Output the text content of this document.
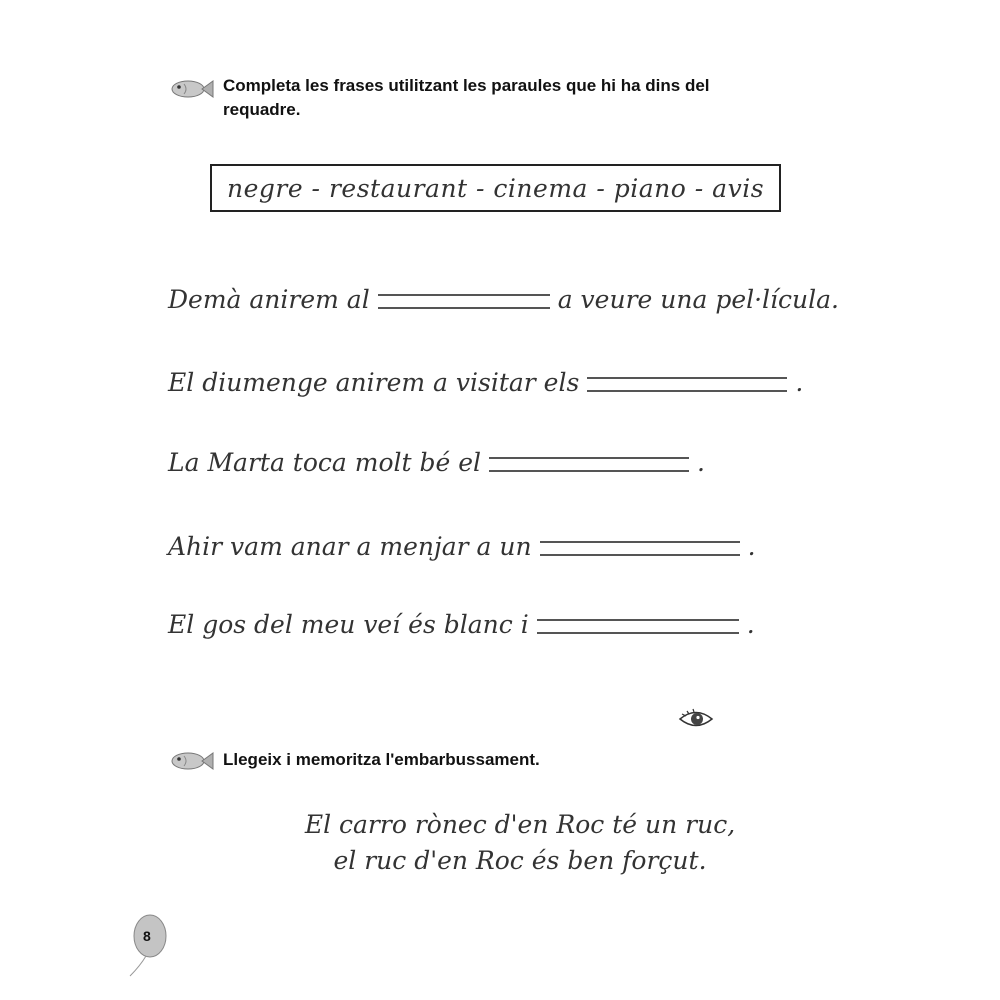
Completa les frases utilitzant les paraules que hi ha dins del
requadre.
negre - restaurant - cinema - piano - avis
Demà anirem al	a veure una pel·lícula.
El diumenge anirem a visitar els	.
La Marta toca molt bé el	.
Ahir vam anar a menjar a un	.
El gos del meu veí és blanc i	.
Llegeix i memoritza l'embarbussament.
El carro rònec d'en Roc té un ruc,
el ruc d'en Roc és ben forçut.
8
